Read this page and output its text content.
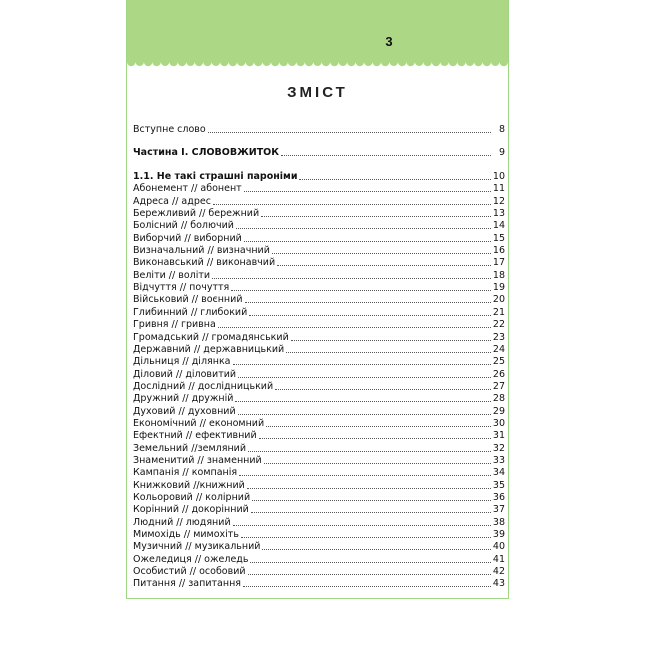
ЗМІСТ
Вступне слово	8
Частина І. СЛОВОВЖИТОК	9
1.1. Не такі страшні пароніми	10
Абонемент // абонент	11
Адреса // адрес	12
Бережливий // бережний	13
Болісний // болючий	14
Виборчий // виборний	15
Визначальний // визначний	16
Виконавський // виконавчий	17
Веліти // воліти	18
Відчуття // почуття	19
Військовий // воєнний	20
Глибинний // глибокий	21
Гривня // гривна	22
Громадський // громадянський	23
Державний // державницький	24
Дільниця // ділянка	25
Діловий // діловитий	26
Дослідний // дослідницький	27
Дружний // дружній	28
Духовий // духовний	29
Економічний // економний	30
Ефектний // ефективний	31
Земельний //земляний	32
Знаменитий // знаменний	33
Кампанія // компанія	34
Книжковий //книжний	35
Кольоровий // колірний	36
Корінний // докорінний	37
Людний // людяний	38
Мимохідь // мимохіть	39
Музичний // музикальний	40
Ожеледиця // ожеледь	41
Особистий // особовий	42
Питання // запитання	43
3
